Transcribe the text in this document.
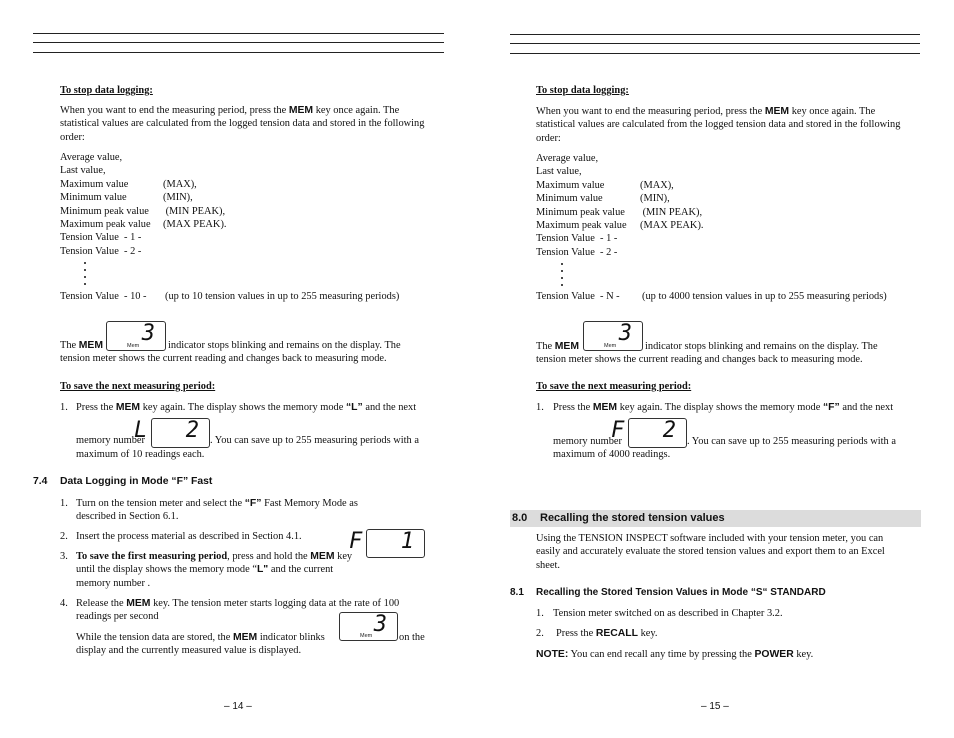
To stop data logging:
When you want to end the measuring period, press the MEM key once again. The
statistical values are calculated from the logged tension data and stored in the following
order:
Average value,
Last value,
Maximum value	(MAX),
Minimum value	(MIN),
Minimum peak value (MIN PEAK),
Maximum peak value (MAX PEAK).
Tension Value  - 1 -
Tension Value  - 2 -
Tension Value  - 10 - (up to 10 tension values in up to 255 measuring periods)
The MEM 3
Mem	indicator stops blinking and remains on the display. The
tension meter shows the current reading and changes back to measuring mode.
To save the next measuring period:
1. Press the MEM key again. The display shows the memory mode “L” and the next
memory number
L  2 . You can save up to 255 measuring periods with a
maximum of 10 readings each.
7.4 Data Logging in Mode “F” Fast
1. Turn on the tension meter and select the “F” Fast Memory Mode as
described in Section 6.1.
2. Insert the process material as described in Section 4.1. F  1
3. To save the first measuring period, press and hold the MEM key
until the display shows the memory mode “L" and the current
memory number .
4. Release the MEM key. The tension meter starts logging data at the rate of 100
readings per second
While the tension data are stored, the MEM indicator blinks
3
Mem	on the
display and the currently measured value is displayed.
– 14 –
To stop data logging:
When you want to end the measuring period, press the MEM key once again. The
statistical values are calculated from the logged tension data and stored in the following
order:
Average value,
Last value,
Maximum value	(MAX),
Minimum value	(MIN),
Minimum peak value (MIN PEAK),
Maximum peak value (MAX PEAK).
Tension Value  - 1 -
Tension Value  - 2 -
Tension Value  - N - (up to 4000 tension values in up to 255 measuring periods)
The MEM
3
Mem	indicator stops blinking and remains on the display. The
tension meter shows the current reading and changes back to measuring mode.
To save the next measuring period:
1. Press the MEM key again. The display shows the memory mode “F” and the next
memory number
F  2 . You can save up to 255 measuring periods with a
maximum of 4000 readings.
8.0 Recalling the stored tension values
Using the TENSION INSPECT software included with your tension meter, you can
easily and accurately evaluate the stored tension values and export them to an Excel
sheet.
8.1 Recalling the Stored Tension Values in Mode “S“ STANDARD
1. Tension meter switched on as described in Chapter 3.2.
2. Press the RECALL key.
NOTE: You can end recall any time by pressing the POWER key.
– 15 –
